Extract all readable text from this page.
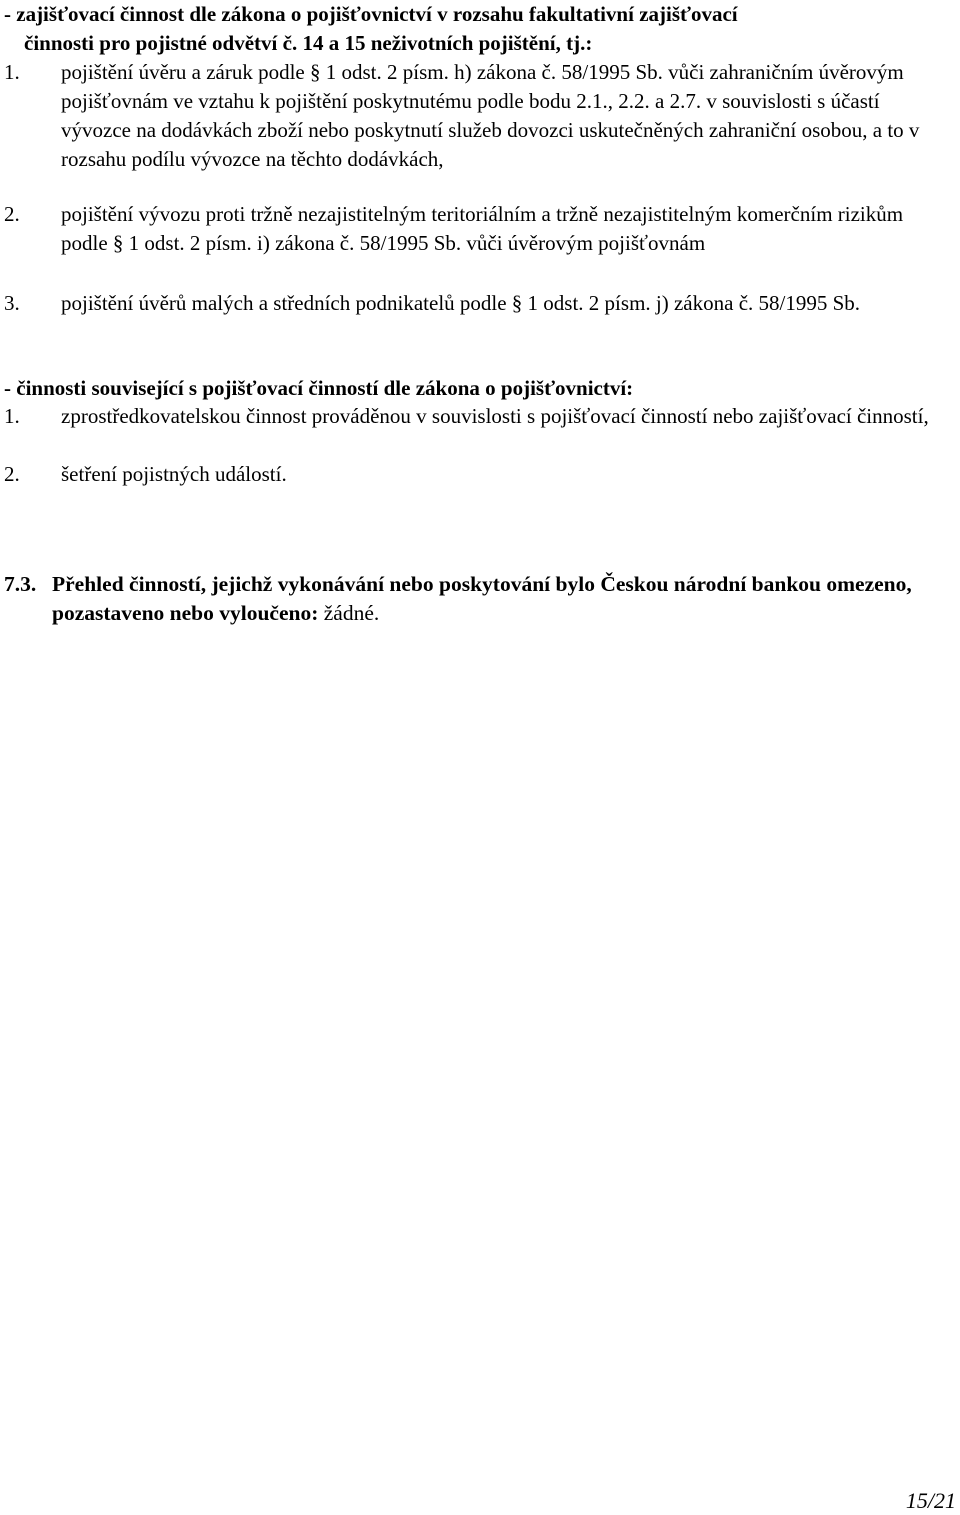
- zajišťovací činnost dle zákona o pojišťovnictví v rozsahu fakultativní zajišťovací
činnosti pro pojistné odvětví č. 14 a 15 neživotních pojištění, tj.:

1. pojištění úvěru a záruk podle § 1 odst. 2 písm. h) zákona č. 58/1995 Sb. vůči zahraničním úvěrovým pojišťovnám ve vztahu k pojištění poskytnutému podle bodu 2.1., 2.2. a 2.7. v souvislosti s účastí vývozce na dodávkách zboží nebo poskytnutí služeb dovozci uskutečněných zahraniční osobou, a to v rozsahu podílu vývozce na těchto dodávkách,
2. pojištění vývozu proti tržně nezajistitelným teritoriálním a tržně nezajistitelným komerčním rizikům podle § 1 odst. 2 písm. i) zákona č. 58/1995 Sb. vůči úvěrovým pojišťovnám
3. pojištění úvěrů malých a středních podnikatelů podle § 1 odst. 2 písm. j) zákona č. 58/1995 Sb.

- činnosti související s pojišťovací činností dle zákona o pojišťovnictví:

1. zprostředkovatelskou činnost prováděnou v souvislosti s pojišťovací činností nebo zajišťovací činností,
2. šetření pojistných událostí.
7.3. Přehled činností, jejichž vykonávání nebo poskytování bylo Českou národní bankou omezeno, pozastaveno nebo vyloučeno: žádné.
15/21
